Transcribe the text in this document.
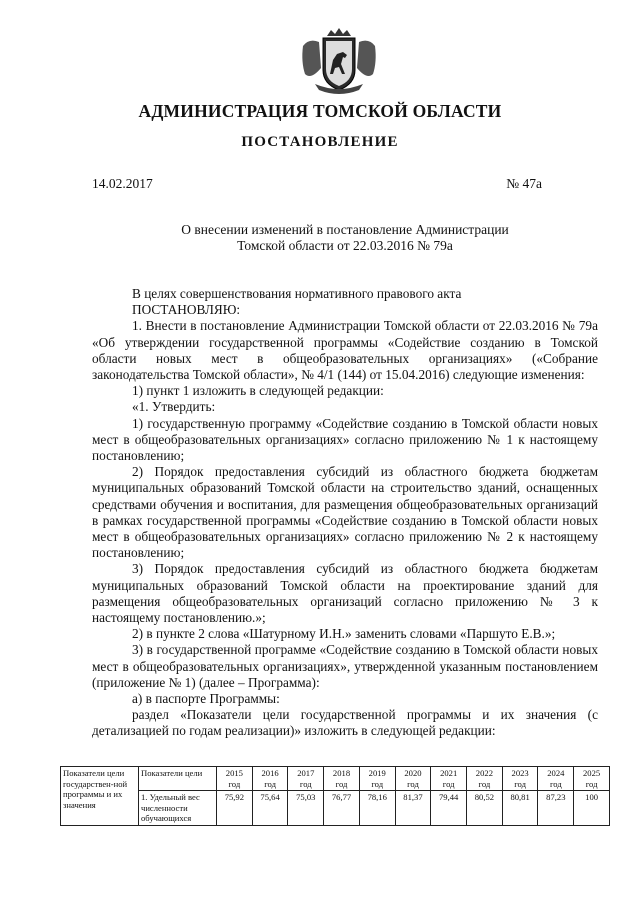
АДМИНИСТРАЦИЯ ТОМСКОЙ ОБЛАСТИ
ПОСТАНОВЛЕНИЕ
14.02.2017	№ 47а
О внесении изменений в постановление Администрации
Томской области от 22.03.2016 № 79а

В целях совершенствования нормативного правового акта

ПОСТАНОВЛЯЮ:

1. Внести в постановление Администрации Томской области от 22.03.2016 № 79а «Об утверждении государственной программы «Содействие созданию в Томской области новых мест в общеобразовательных организациях» («Собрание законодательства Томской области», № 4/1 (144) от 15.04.2016) следующие изменения:

1) пункт 1 изложить в следующей редакции:

«1. Утвердить:

1) государственную программу «Содействие созданию в Томской области новых мест в общеобразовательных организациях» согласно приложению № 1 к настоящему постановлению;

2) Порядок предоставления субсидий из областного бюджета бюджетам муниципальных образований Томской области на строительство зданий, оснащенных средствами обучения и воспитания, для размещения общеобразовательных организаций в рамках государственной программы «Содействие созданию в Томской области новых мест в общеобразовательных организациях» согласно приложению № 2 к настоящему постановлению;

3) Порядок предоставления субсидий из областного бюджета бюджетам муниципальных образований Томской области на проектирование зданий для размещения общеобразовательных организаций согласно приложению № 3 к настоящему постановлению.»;

2) в пункте 2 слова «Шатурному И.Н.» заменить словами «Паршуто Е.В.»;

3) в государственной программе «Содействие созданию в Томской области новых мест в общеобразовательных организациях», утвержденной указанным постановлением (приложение № 1) (далее – Программа):

а) в паспорте Программы:

раздел «Показатели цели государственной программы и их значения (с детализацией по годам реализации)» изложить в следующей редакции:

Показатели цели государствен-ной программы и их значения	Показатели цели	2015 год	2016 год	2017 год	2018 год	2019 год	2020 год	2021 год	2022 год	2023 год	2024 год	2025 год
	1. Удельный вес численности обучающихся	75,92	75,64	75,03	76,77	78,16	81,37	79,44	80,52	80,81	87,23	100
